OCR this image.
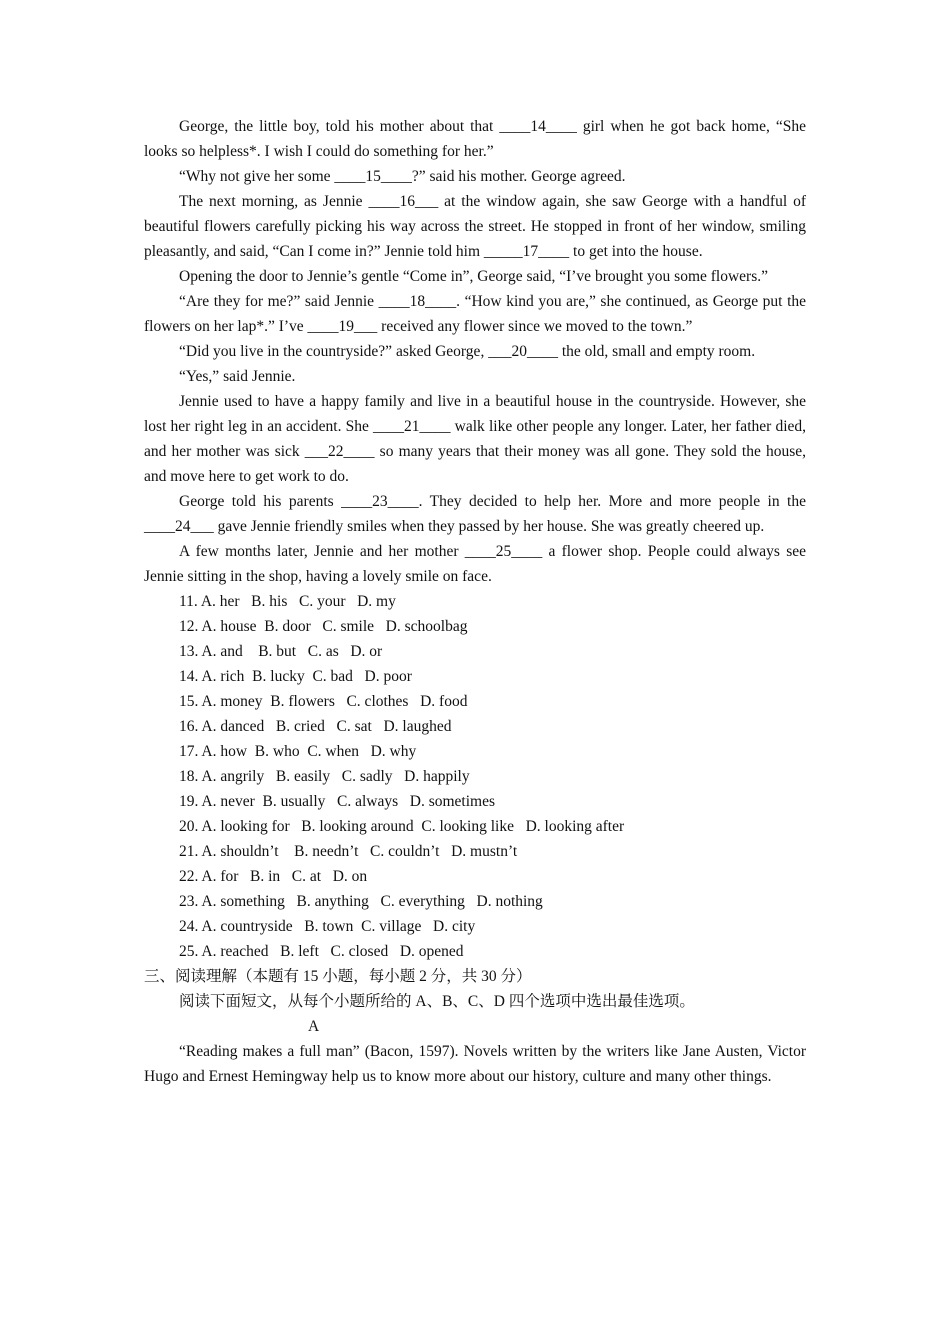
George, the little boy, told his mother about that ____14____ girl when he got back home, “She looks so helpless*. I wish I could do something for her.”

“Why not give her some ____15____?” said his mother. George agreed.

The next morning, as Jennie ____16___ at the window again, she saw George with a handful of beautiful flowers carefully picking his way across the street. He stopped in front of her window, smiling pleasantly, and said, “Can I come in?” Jennie told him _____17____ to get into the house.

Opening the door to Jennie’s gentle “Come in”, George said, “I’ve brought you some flowers.”

“Are they for me?” said Jennie ____18____. “How kind you are,” she continued, as George put the flowers on her lap*.” I’ve ____19___ received any flower since we moved to the town.”

“Did you live in the countryside?” asked George, ___20____ the old, small and empty room.

“Yes,” said Jennie.

Jennie used to have a happy family and live in a beautiful house in the countryside. However, she lost her right leg in an accident. She ____21____ walk like other people any longer. Later, her father died, and her mother was sick ___22____ so many years that their money was all gone. They sold the house, and move here to get work to do.

George told his parents ____23____. They decided to help her. More and more people in the ____24___ gave Jennie friendly smiles when they passed by her house. She was greatly cheered up.

A few months later, Jennie and her mother ____25____ a flower shop. People could always see Jennie sitting in the shop, having a lovely smile on face.

11. A. her   B. his   C. your   D. my

12. A. house  B. door   C. smile   D. schoolbag

13. A. and    B. but   C. as   D. or

14. A. rich  B. lucky  C. bad   D. poor

15. A. money  B. flowers   C. clothes   D. food

16. A. danced   B. cried   C. sat   D. laughed

17. A. how  B. who  C. when   D. why

18. A. angrily   B. easily   C. sadly   D. happily

19. A. never  B. usually   C. always   D. sometimes

20. A. looking for   B. looking around  C. looking like   D. looking after

21. A. shouldn’t    B. needn’t   C. couldn’t   D. mustn’t

22. A. for   B. in   C. at   D. on

23. A. something   B. anything   C. everything   D. nothing

24. A. countryside   B. town  C. village   D. city

25. A. reached   B. left   C. closed   D. opened

三、阅读理解（本题有 15 小题，每小题 2 分，共 30 分）

阅读下面短文，从每个小题所给的 A、B、C、D 四个选项中选出最佳选项。

A

“Reading makes a full man” (Bacon, 1597). Novels written by the writers like Jane Austen, Victor Hugo and Ernest Hemingway help us to know more about our history, culture and many other things.
